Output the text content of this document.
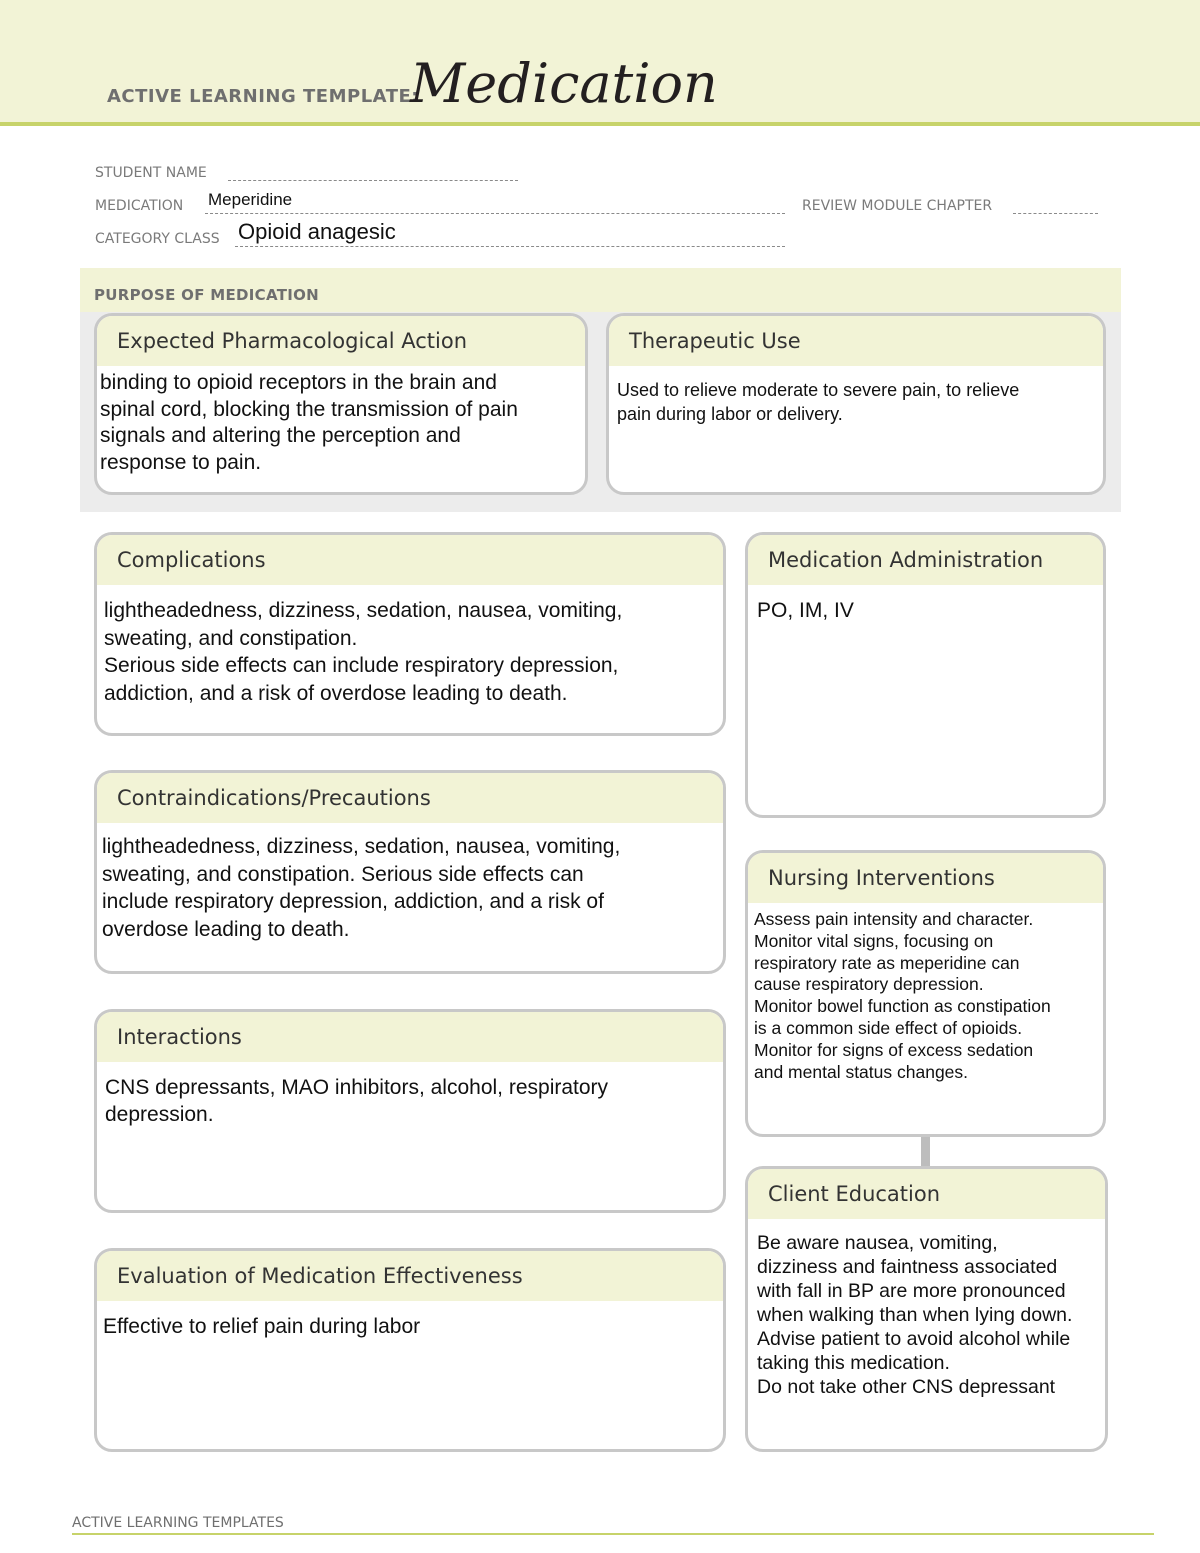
ACTIVE LEARNING TEMPLATE:
Medication
STUDENT NAME
MEDICATION Meperidine	REVIEW MODULE CHAPTER
CATEGORY CLASS Opioid anagesic
PURPOSE OF MEDICATION
Expected Pharmacological Action
binding to opioid receptors in the brain and
spinal cord, blocking the transmission of pain
signals and altering the perception and
response to pain.
Therapeutic Use
Used to relieve moderate to severe pain, to relieve
pain during labor or delivery.
Complications
lightheadedness, dizziness, sedation, nausea, vomiting,
sweating, and constipation.
Serious side effects can include respiratory depression,
addiction, and a risk of overdose leading to death.
Contraindications/Precautions
lightheadedness, dizziness, sedation, nausea, vomiting,
sweating, and constipation. Serious side effects can
include respiratory depression, addiction, and a risk of
overdose leading to death.
Interactions
CNS depressants, MAO inhibitors, alcohol, respiratory
depression.
Evaluation of Medication Effectiveness
Effective to relief pain during labor
Medication Administration
PO, IM, IV
Nursing Interventions
Assess pain intensity and character.
Monitor vital signs, focusing on
respiratory rate as meperidine can
cause respiratory depression.
Monitor bowel function as constipation
is a common side effect of opioids.
Monitor for signs of excess sedation
and mental status changes.
Client Education
Be aware nausea, vomiting,
dizziness and faintness associated
with fall in BP are more pronounced
when walking than when lying down.
Advise patient to avoid alcohol while
taking this medication.
Do not take other CNS depressant
ACTIVE LEARNING TEMPLATES
